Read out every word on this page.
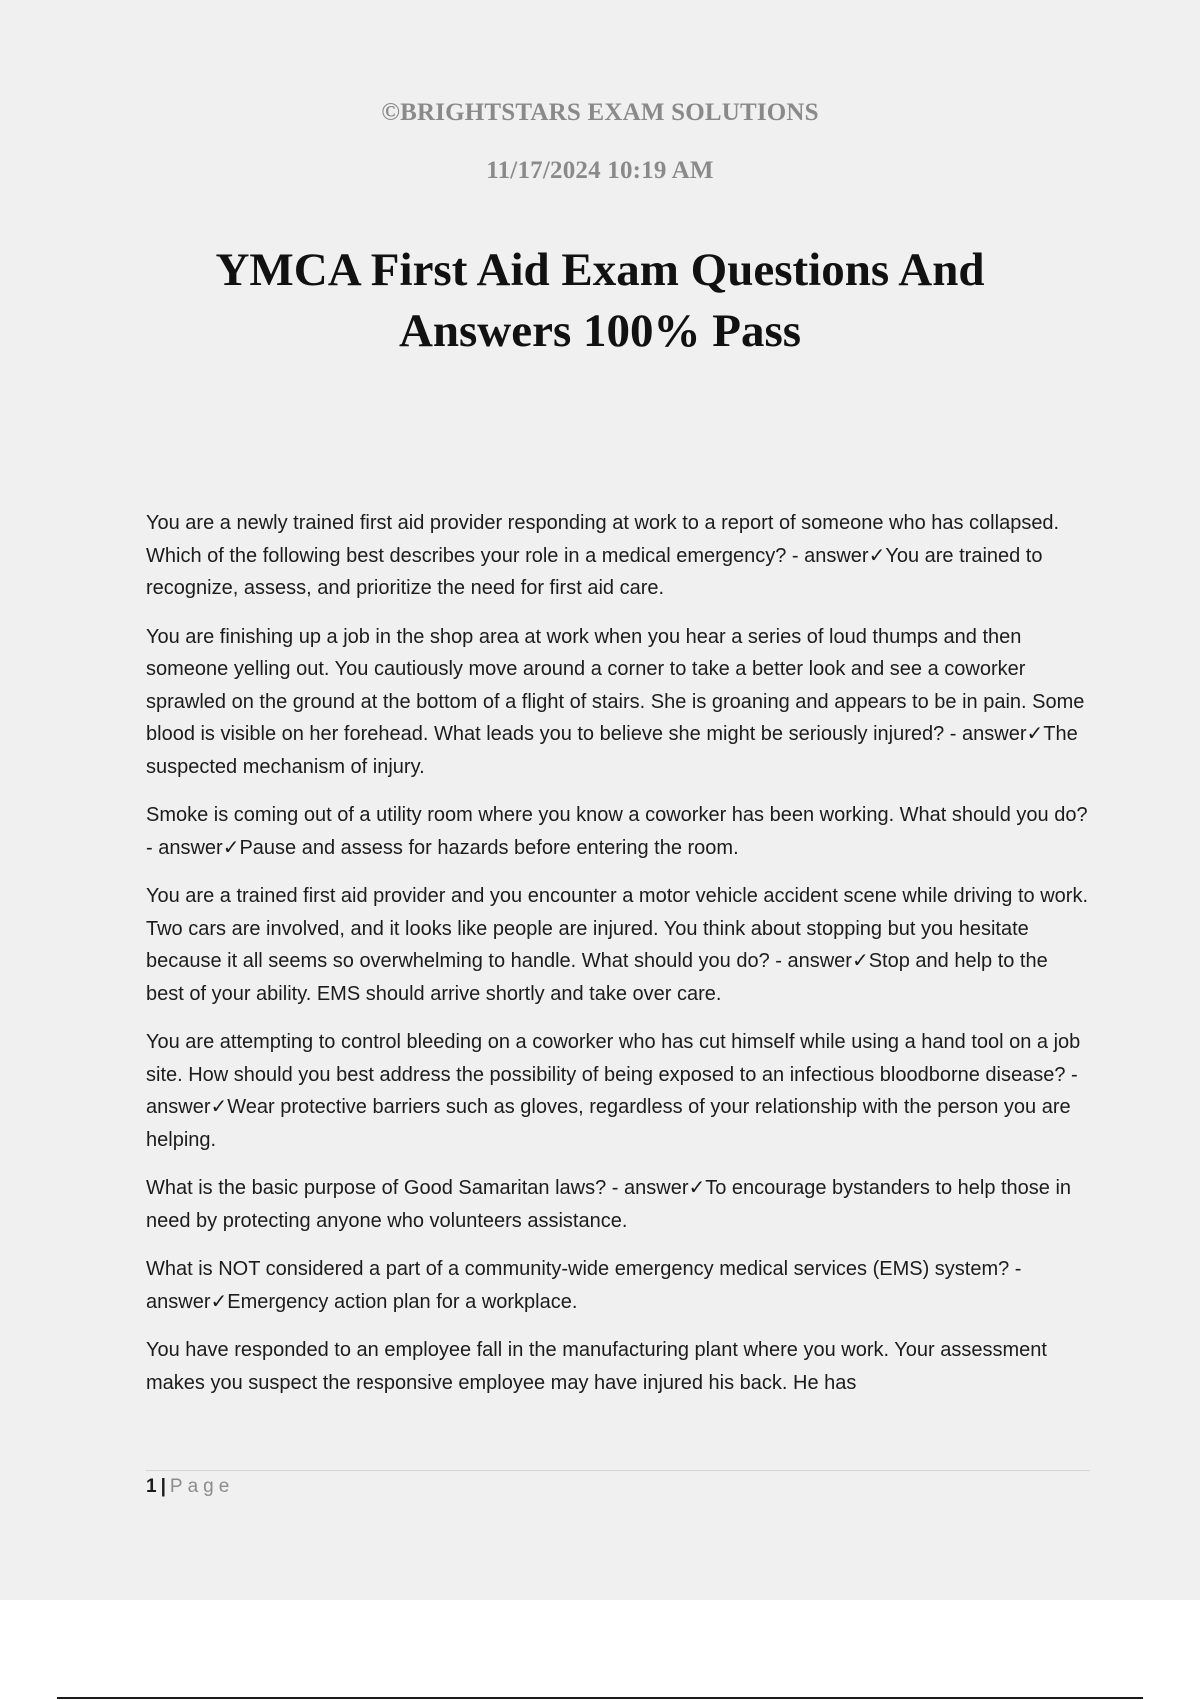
©BRIGHTSTARS EXAM SOLUTIONS
11/17/2024 10:19 AM
YMCA First Aid Exam Questions And Answers 100% Pass
You are a newly trained first aid provider responding at work to a report of someone who has collapsed. Which of the following best describes your role in a medical emergency? - answer✓You are trained to recognize, assess, and prioritize the need for first aid care.
You are finishing up a job in the shop area at work when you hear a series of loud thumps and then someone yelling out. You cautiously move around a corner to take a better look and see a coworker sprawled on the ground at the bottom of a flight of stairs. She is groaning and appears to be in pain. Some blood is visible on her forehead. What leads you to believe she might be seriously injured? - answer✓The suspected mechanism of injury.
Smoke is coming out of a utility room where you know a coworker has been working. What should you do? - answer✓Pause and assess for hazards before entering the room.
You are a trained first aid provider and you encounter a motor vehicle accident scene while driving to work. Two cars are involved, and it looks like people are injured. You think about stopping but you hesitate because it all seems so overwhelming to handle. What should you do? - answer✓Stop and help to the best of your ability. EMS should arrive shortly and take over care.
You are attempting to control bleeding on a coworker who has cut himself while using a hand tool on a job site. How should you best address the possibility of being exposed to an infectious bloodborne disease? - answer✓Wear protective barriers such as gloves, regardless of your relationship with the person you are helping.
What is the basic purpose of Good Samaritan laws? - answer✓To encourage bystanders to help those in need by protecting anyone who volunteers assistance.
What is NOT considered a part of a community-wide emergency medical services (EMS) system? - answer✓Emergency action plan for a workplace.
You have responded to an employee fall in the manufacturing plant where you work. Your assessment makes you suspect the responsive employee may have injured his back. He has
1 | Page
